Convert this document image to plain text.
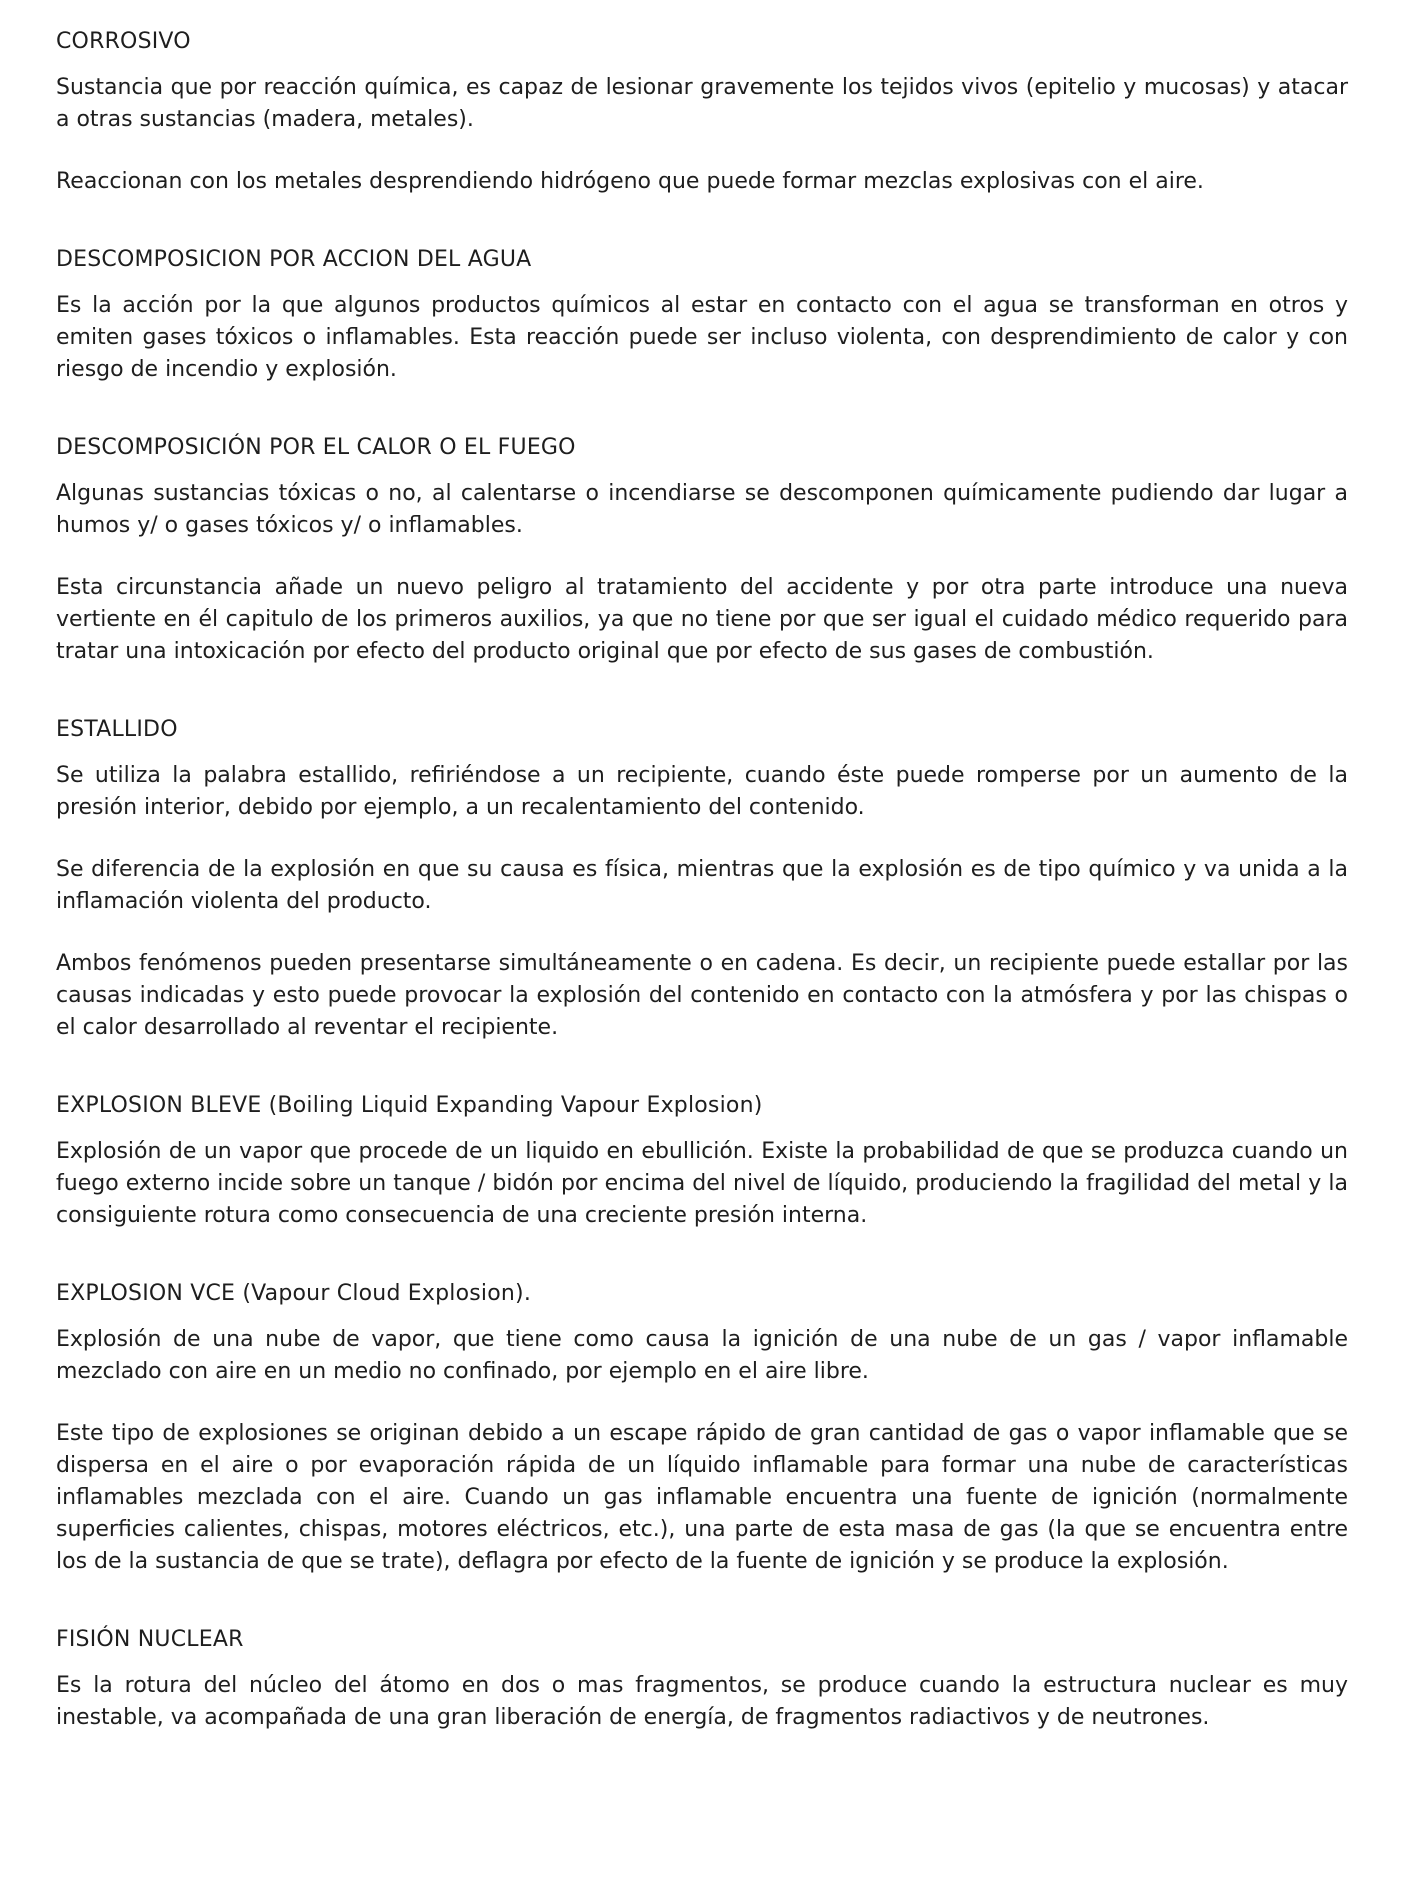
CORROSIVO

Sustancia que por reacción química, es capaz de lesionar gravemente los tejidos vivos (epitelio y mucosas) y atacar a otras sustancias (madera, metales).

Reaccionan con los metales desprendiendo hidrógeno que puede formar mezclas explosivas con el aire.

DESCOMPOSICION POR ACCION DEL AGUA

Es la acción por la que algunos productos químicos al estar en contacto con el agua se transforman en otros y emiten gases tóxicos o inflamables. Esta reacción puede ser incluso violenta, con desprendimiento de calor y con riesgo de incendio y explosión.

DESCOMPOSICIÓN POR EL CALOR O EL FUEGO

Algunas sustancias tóxicas o no, al calentarse o incendiarse se descomponen químicamente pudiendo dar lugar a humos y/ o gases tóxicos y/ o inflamables.

Esta circunstancia añade un nuevo peligro al tratamiento del accidente y por otra parte introduce una nueva vertiente en él capitulo de los primeros auxilios, ya que no tiene por que ser igual el cuidado médico requerido para tratar una intoxicación por efecto del producto original que por efecto de sus gases de combustión.

ESTALLIDO

Se utiliza la palabra estallido, refiriéndose a un recipiente, cuando éste puede romperse por un aumento de la presión interior, debido por ejemplo, a un recalentamiento del contenido.

Se diferencia de la explosión en que su causa es física, mientras que la explosión es de tipo químico y va unida a la inflamación violenta del producto.

Ambos fenómenos pueden presentarse simultáneamente o en cadena. Es decir, un recipiente puede estallar por las causas indicadas y esto puede provocar la explosión del contenido en contacto con la atmósfera y por las chispas o el calor desarrollado al reventar el recipiente.

EXPLOSION BLEVE (Boiling Liquid Expanding Vapour Explosion)

Explosión de un vapor que procede de un liquido en ebullición. Existe la probabilidad de que se produzca cuando un fuego externo incide sobre un tanque / bidón por encima del nivel de líquido, produciendo la fragilidad del metal y la consiguiente rotura como consecuencia de una creciente presión interna.

EXPLOSION VCE (Vapour Cloud Explosion).

Explosión de una nube de vapor, que tiene como causa la ignición de una nube de un gas / vapor inflamable mezclado con aire en un medio no confinado, por ejemplo en el aire libre.

Este tipo de explosiones se originan debido a un escape rápido de gran cantidad de gas o vapor inflamable que se dispersa en el aire o por evaporación rápida de un líquido inflamable para formar una nube de características inflamables mezclada con el aire. Cuando un gas inflamable encuentra una fuente de ignición (normalmente superficies calientes, chispas, motores eléctricos, etc.), una parte de esta masa de gas (la que se encuentra entre los de la sustancia de que se trate), deflagra por efecto de la fuente de ignición y se produce la explosión.

FISIÓN NUCLEAR

Es la rotura del núcleo del átomo en dos o mas fragmentos, se produce cuando la estructura nuclear es muy inestable, va acompañada de una gran liberación de energía, de fragmentos radiactivos y de neutrones.
